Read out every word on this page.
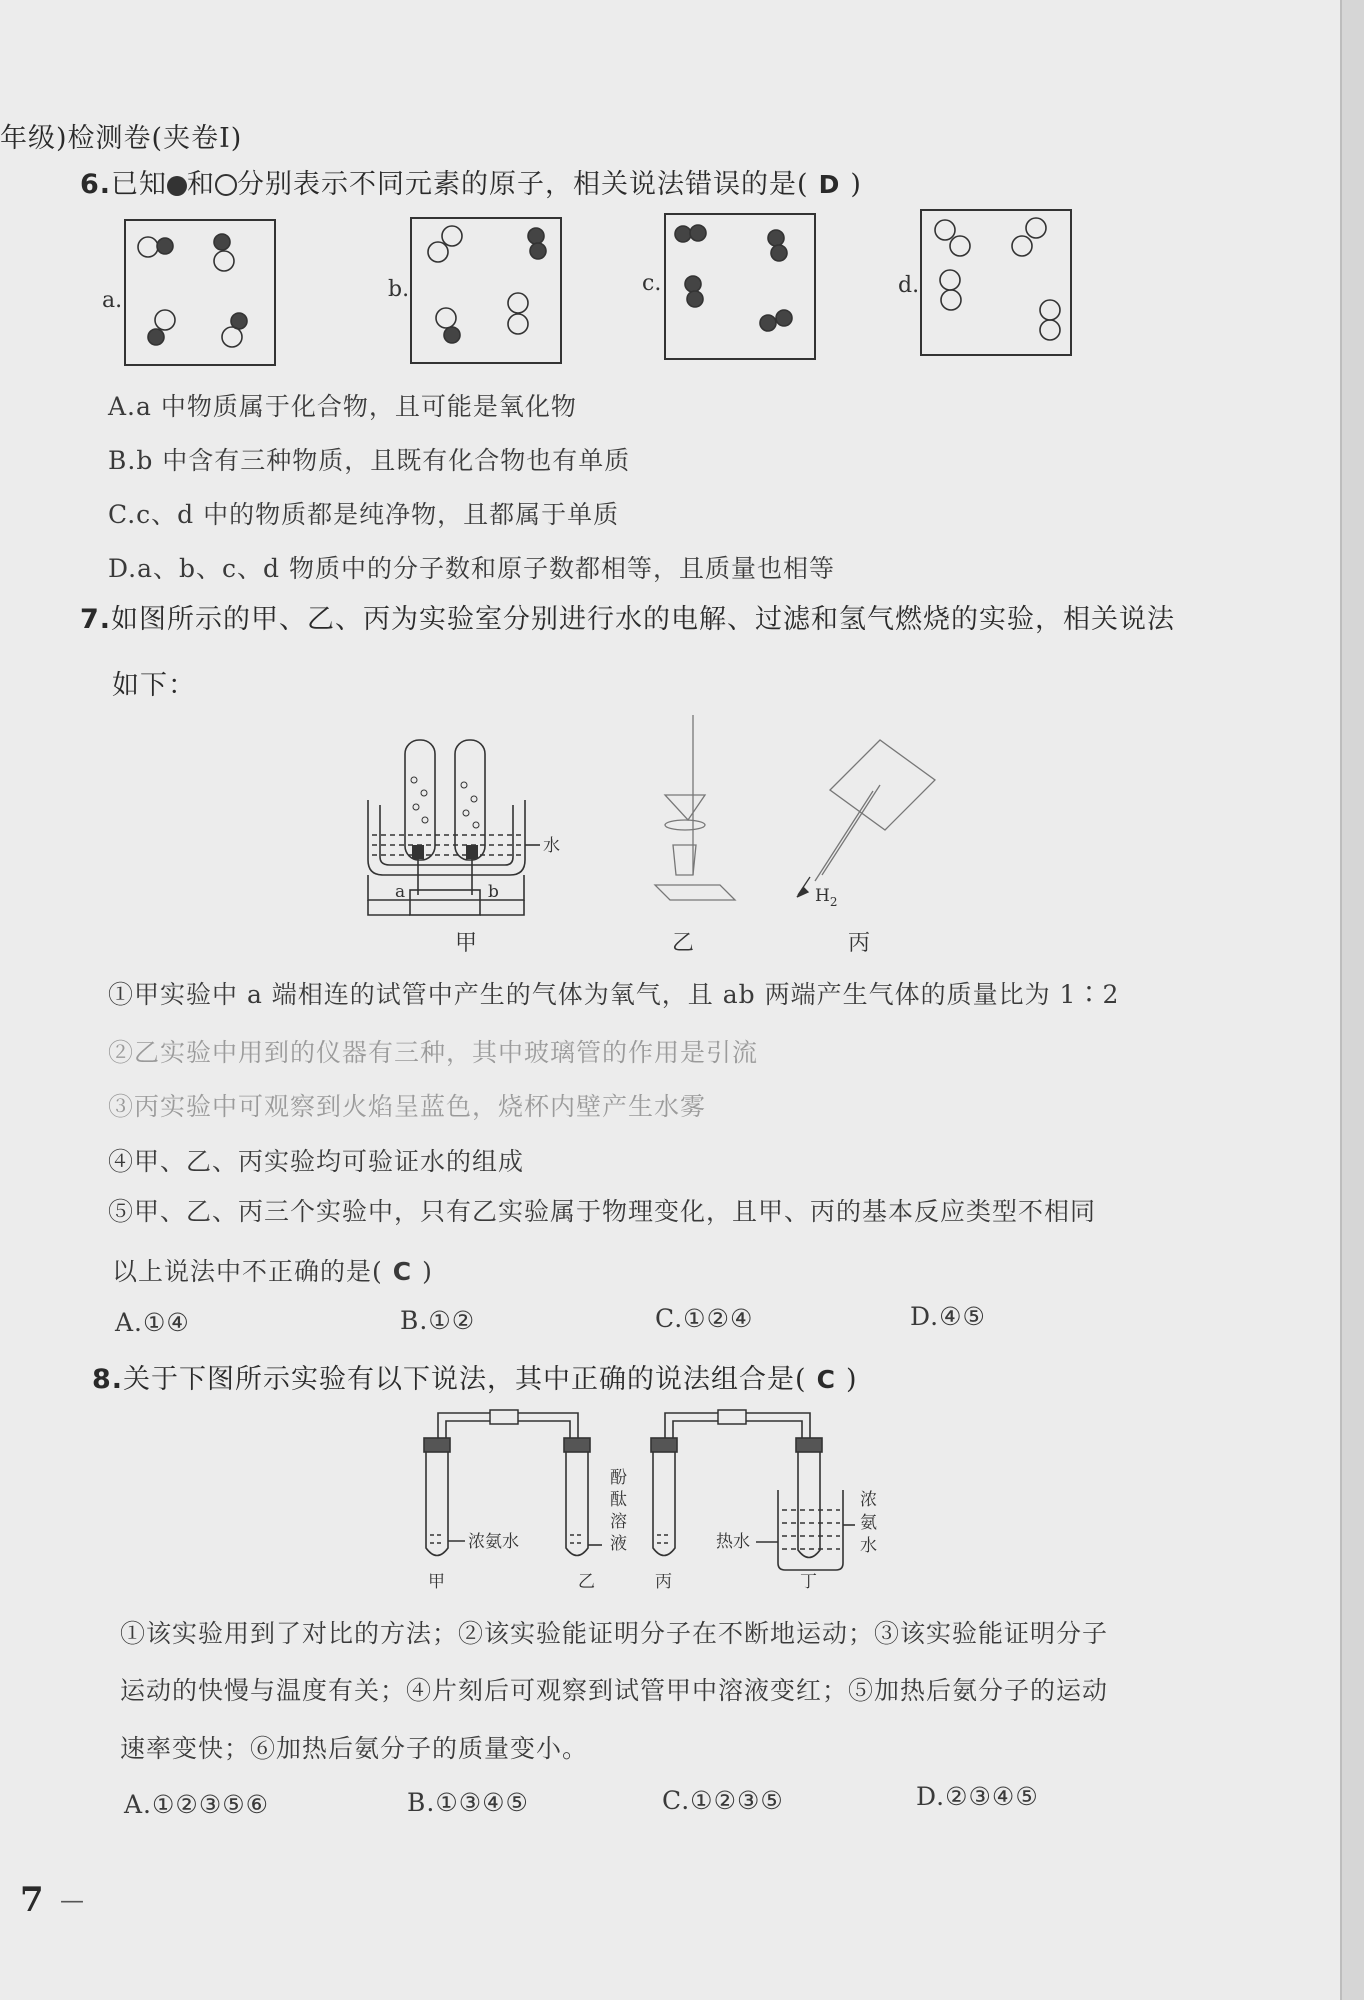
年级)检测卷(夹卷Ⅰ)
6.已知 和 分别表示不同元素的原子，相关说法错误的是( D )
a.	b.	c.	d.
A.a 中物质属于化合物，且可能是氧化物
B.b 中含有三种物质，且既有化合物也有单质
C.c、d 中的物质都是纯净物，且都属于单质
D.a、b、c、d 物质中的分子数和原子数都相等，且质量也相等
7.如图所示的甲、乙、丙为实验室分别进行水的电解、过滤和氢气燃烧的实验，相关说法
如下：
水
a	b
甲	乙
$H_2$
丙
①甲实验中 a 端相连的试管中产生的气体为氧气，且 ab 两端产生气体的质量比为 1∶2
②乙实验中用到的仪器有三种，其中玻璃管的作用是引流
③丙实验中可观察到火焰呈蓝色，烧杯内壁产生水雾
④甲、乙、丙实验均可验证水的组成
⑤甲、乙、丙三个实验中，只有乙实验属于物理变化，且甲、丙的基本反应类型不相同
以上说法中不正确的是( C )
A.①④	B.①②	C.①②④	D.④⑤
8.关于下图所示实验有以下说法，其中正确的说法组合是( C )
浓氨水
酚
酞
溶
液	热水
浓
氨
水
甲	乙	丙	丁
①该实验用到了对比的方法；②该实验能证明分子在不断地运动；③该实验能证明分子
运动的快慢与温度有关；④片刻后可观察到试管甲中溶液变红；⑤加热后氨分子的运动
速率变快；⑥加热后氨分子的质量变小。
A.①②③⑤⑥	B.①③④⑤	C.①②③⑤	D.②③④⑤
7 —
